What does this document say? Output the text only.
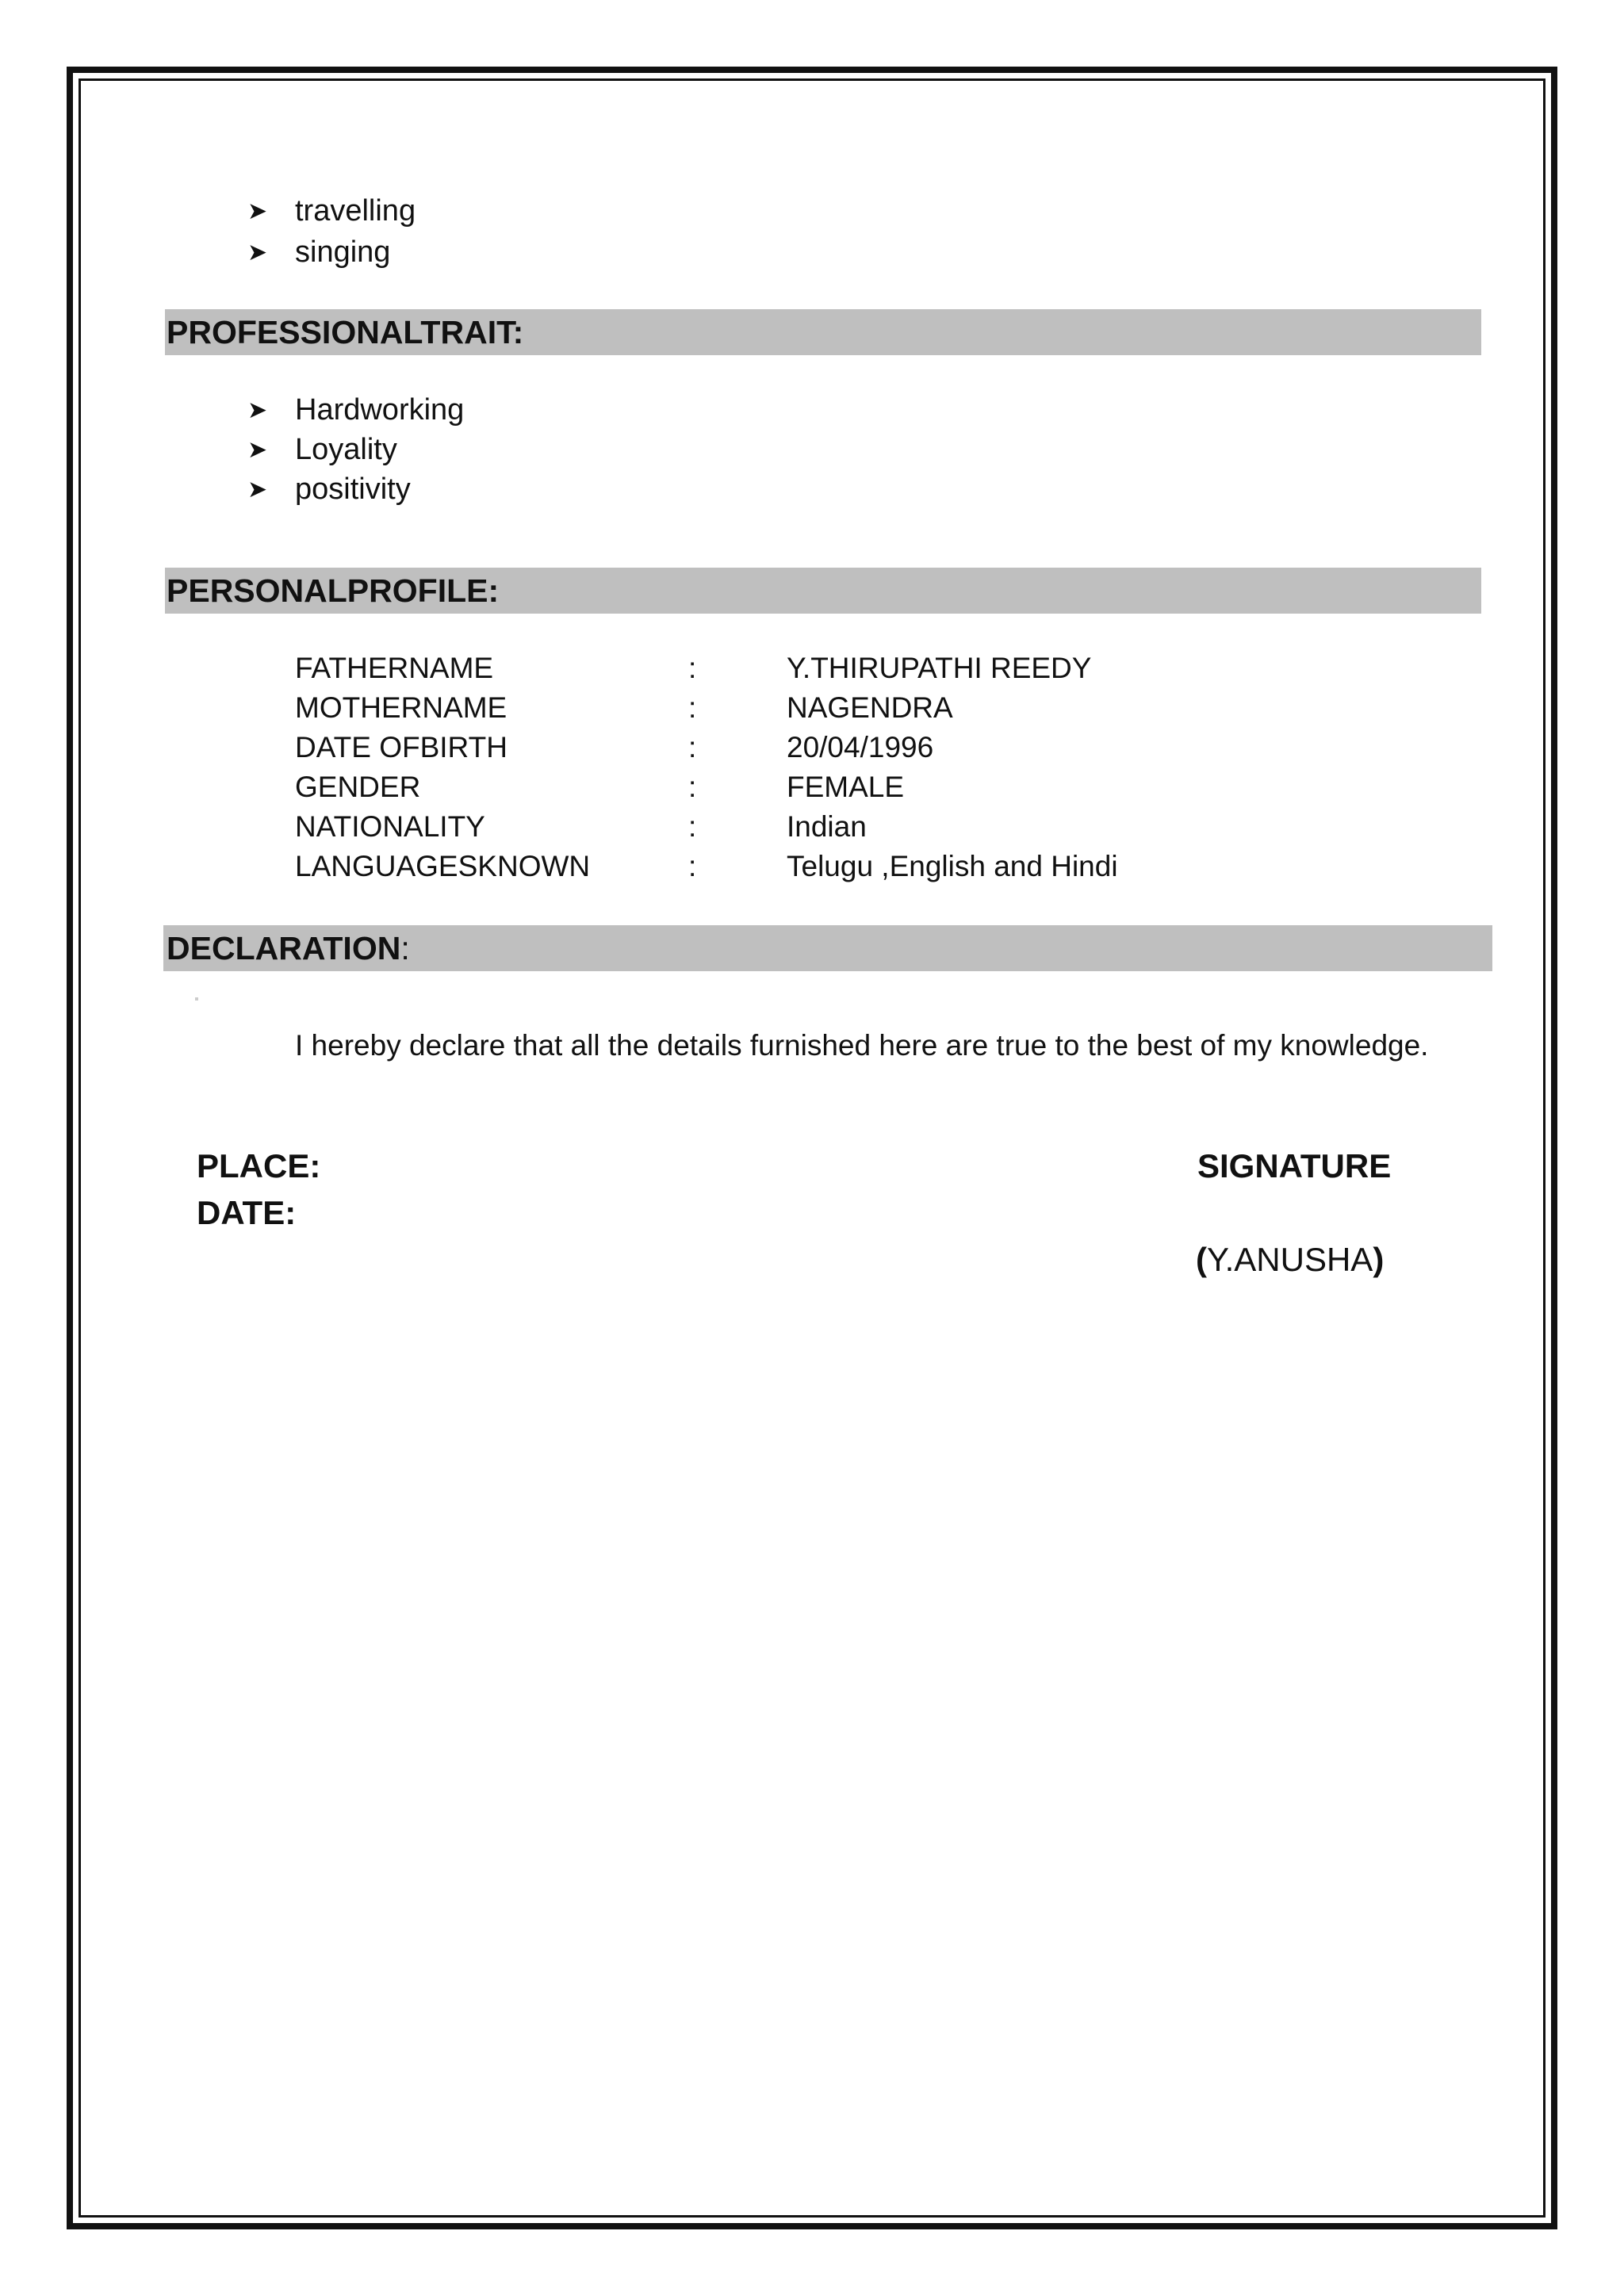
➤ travelling
➤ singing
PROFESSIONALTRAIT:
➤ Hardworking
➤ Loyality
➤ positivity
PERSONALPROFILE:
FATHERNAME	:	Y.THIRUPATHI REEDY
MOTHERNAME	:	NAGENDRA
DATE OFBIRTH	:	20/04/1996
GENDER	:	FEMALE
NATIONALITY	:	Indian
LANGUAGESKNOWN	:	Telugu ,English and Hindi
DECLARATION:
I hereby declare that all the details furnished here are true to the best of my knowledge.
PLACE:
DATE:
SIGNATURE
(Y.ANUSHA)
